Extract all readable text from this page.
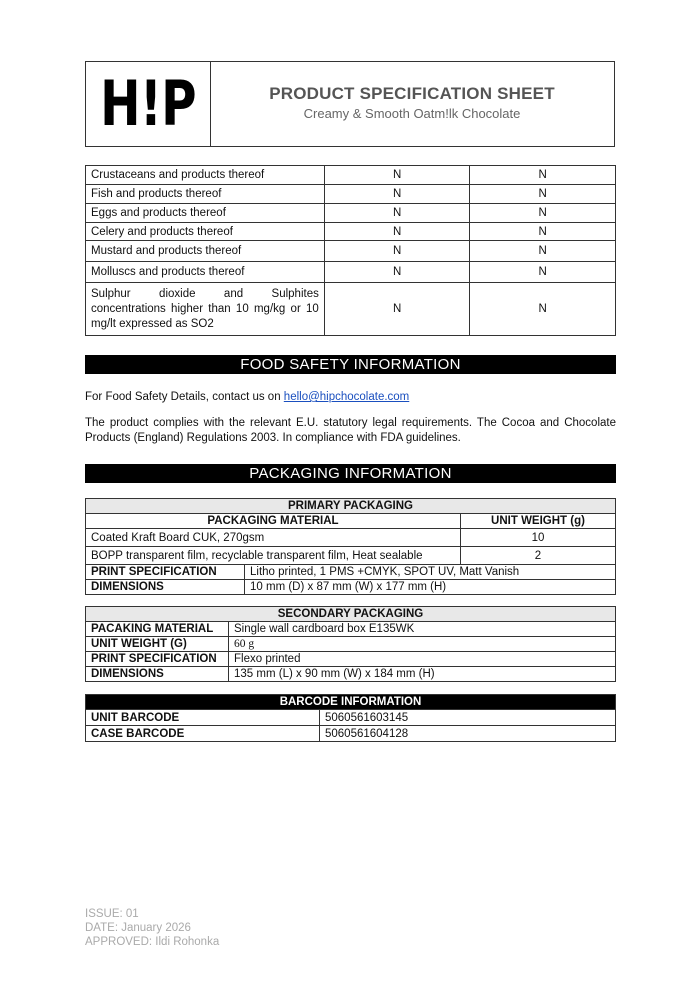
H!P	PRODUCT SPECIFICATION SHEET
Creamy & Smooth Oatm!lk Chocolate
Crustaceans and products thereof	N	N
Fish and products thereof	N	N
Eggs and products thereof	N	N
Celery and products thereof	N	N
Mustard and products thereof	N	N
Molluscs and products thereof	N	N
Sulphur dioxide and Sulphites concentrations higher than 10 mg/kg or 10 mg/lt expressed as SO2	N	N
FOOD SAFETY INFORMATION
For Food Safety Details, contact us on hello@hipchocolate.com
The product complies with the relevant E.U. statutory legal requirements. The Cocoa and Chocolate Products (England) Regulations 2003. In compliance with FDA guidelines.
PACKAGING INFORMATION
PRIMARY PACKAGING		
PACKAGING MATERIAL		UNIT WEIGHT (g)
Coated Kraft Board CUK, 270gsm		10
BOPP transparent film, recyclable transparent film, Heat sealable		2
PRINT SPECIFICATION	Litho printed, 1 PMS +CMYK, SPOT UV, Matt Vanish	
DIMENSIONS	10 mm (D) x 87 mm (W) x 177 mm (H)	
SECONDARY PACKAGING	
PACAKING MATERIAL	Single wall cardboard box E135WK
UNIT WEIGHT (G)	60 g
PRINT SPECIFICATION	Flexo printed
DIMENSIONS	135 mm (L) x 90 mm (W) x 184 mm (H)
BARCODE INFORMATION	
UNIT BARCODE	5060561603145
CASE BARCODE	5060561604128
ISSUE: 01
DATE: January 2026
APPROVED: Ildi Rohonka
